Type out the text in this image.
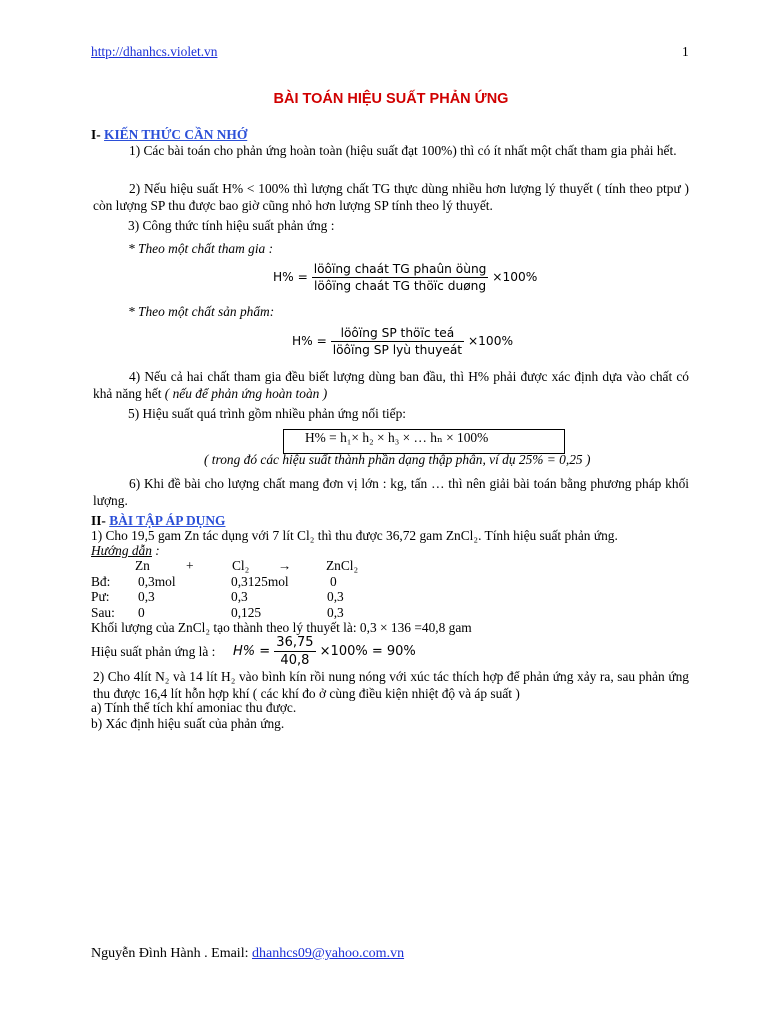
http://dhanhcs.violet.vn	1
BÀI TOÁN HIỆU SUẤT PHẢN ỨNG
I- KIẾN THỨC CẦN NHỚ
1) Các bài toán cho phản ứng hoàn toàn (hiệu suất đạt 100%) thì có ít nhất một chất tham gia phải hết.
2) Nếu hiệu suất H% < 100% thì lượng chất TG thực dùng nhiều hơn lượng lý thuyết ( tính theo ptpư ) còn lượng SP thu được bao giờ cũng nhỏ hơn lượng SP tính theo lý thuyết.
3) Công thức tính hiệu suất phản ứng :
* Theo một chất tham gia :
$H\% = \frac{\text{löôïng chaát TG phaûn öùng}}{\text{löôïng chaát TG thöïc duøng}} \times 100\%$
* Theo một chất sản phẩm:
$H\% = \frac{\text{löôïng SP thöïc teá}}{\text{löôïng SP lyù thuyeát}} \times 100\%$
4) Nếu cả hai chất tham gia đều biết lượng dùng ban đầu, thì H% phải được xác định dựa vào chất có khả năng hết ( nếu để phản ứng hoàn toàn )
5) Hiệu suất quá trình gồm nhiều phản ứng nối tiếp:
H% = h₁× h₂ × h₃ × … hₙ × 100%
( trong đó các hiệu suất thành phần dạng thập phân, ví dụ 25% = 0,25 )
6) Khi đề bài cho lượng chất mang đơn vị lớn : kg, tấn … thì nên giải bài toán bằng phương pháp khối lượng.
II- BÀI TẬP ÁP DỤNG
1) Cho 19,5 gam Zn tác dụng với 7 lít Cl₂ thì thu được 36,72 gam ZnCl₂. Tính hiệu suất phản ứng.
Hướng dẫn :
Zn	+	Cl₂ →	ZnCl₂
Bđ: 0,3mol	0,3125mol	0
Pư: 0,3	0,3	0,3
Sau: 0	0,125	0,3
Khối lượng của ZnCl₂ tạo thành theo lý thuyết là: 0,3 × 136 =40,8 gam
Hiệu suất phản ứng là : $H\% = \frac{36,75}{40,8} \times 100\% = 90\%$
2) Cho 4lít N₂ và 14 lít H₂ vào bình kín rồi nung nóng với xúc tác thích hợp để phản ứng xảy ra, sau phản ứng thu được 16,4 lít hỗn hợp khí ( các khí đo ở cùng điều kiện nhiệt độ và áp suất )
a) Tính thể tích khí amoniac thu được.
b) Xác định hiệu suất của phản ứng.
Nguyễn Đình Hành . Email: dhanhcs09@yahoo.com.vn
